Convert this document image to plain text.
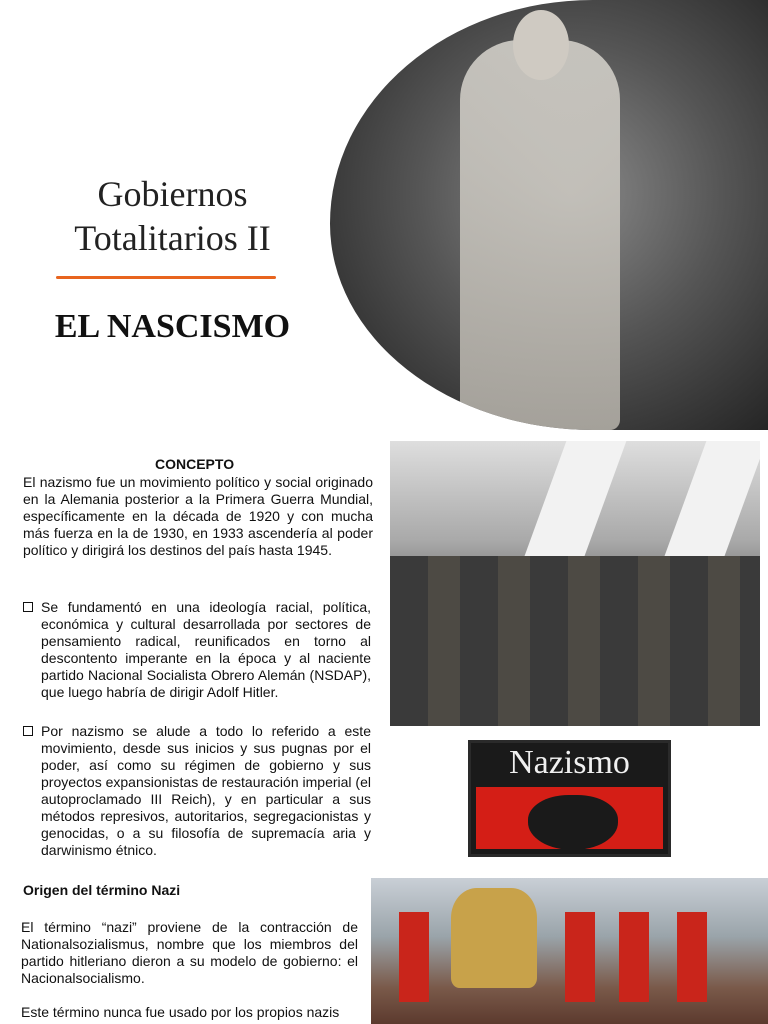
Gobiernos Totalitarios II
EL NASCISMO
Nazismo
CONCEPTO
El nazismo fue un movimiento político y social originado en la Alemania posterior a la Primera Guerra Mundial, específicamente en la década de 1920 y con mucha más fuerza en la de 1930, en 1933 ascendería al poder político y dirigirá los destinos del país hasta 1945.
Se fundamentó en una ideología racial, política, económica y cultural desarrollada por sectores de pensamiento radical, reunificados en torno al descontento imperante en la época y al naciente partido Nacional Socialista Obrero Alemán (NSDAP), que luego habría de dirigir Adolf Hitler.
Por nazismo se alude a todo lo referido a este movimiento, desde sus inicios y sus pugnas por el poder, así como su régimen de gobierno y sus proyectos expansionistas de restauración imperial (el autoproclamado III Reich), y en particular a sus métodos represivos, autoritarios, segregacionistas y genocidas, o a su filosofía de supremacía aria y darwinismo étnico.
Origen del término Nazi
El término “nazi” proviene de la contracción de Nationalsozialismus, nombre que los miembros del partido hitleriano dieron a su modelo de gobierno: el Nacionalsocialismo.
Este término nunca fue usado por los propios nazis
